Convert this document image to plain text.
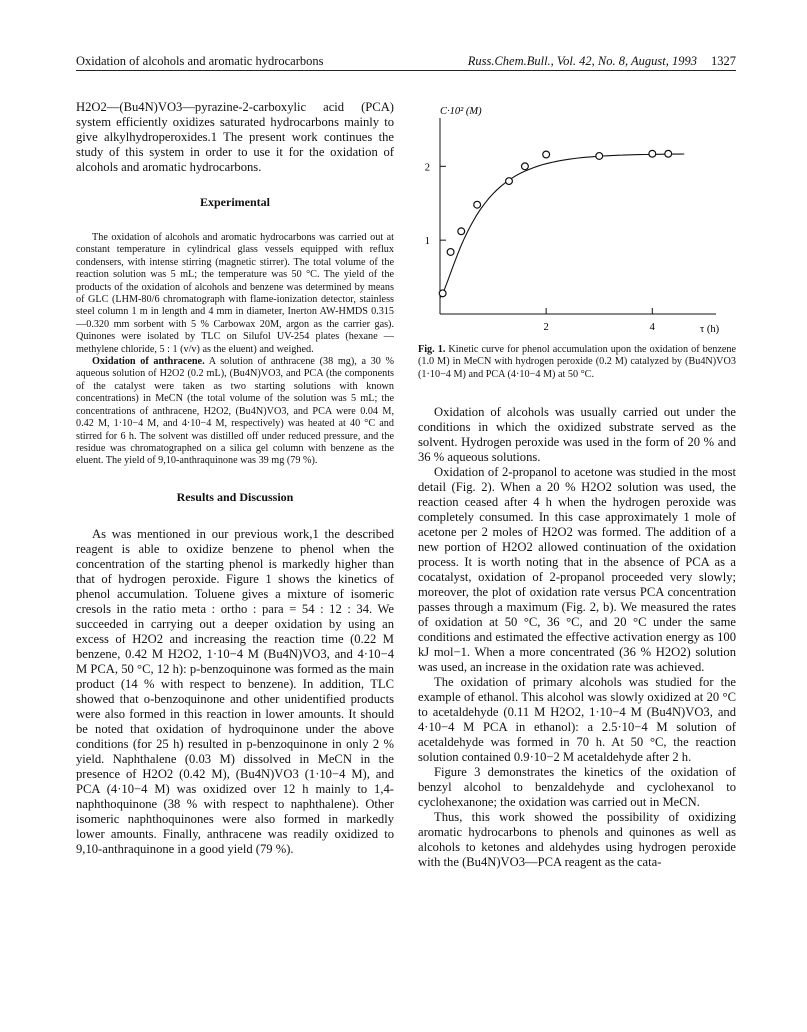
Oxidation of alcohols and aromatic hydrocarbons	Russ.Chem.Bull., Vol. 42, No. 8, August, 1993 1327

H2O2—(Bu4N)VO3—pyrazine-2-carboxylic acid (PCA) system efficiently oxidizes saturated hydrocarbons mainly to give alkylhydroperoxides.1 The present work continues the study of this system in order to use it for the oxidation of alcohols and aromatic hydrocarbons.

Experimental

The oxidation of alcohols and aromatic hydrocarbons was carried out at constant temperature in cylindrical glass vessels equipped with reflux condensers, with intense stirring (magnetic stirrer). The total volume of the reaction solution was 5 mL; the temperature was 50 °C. The yield of the products of the oxidation of alcohols and benzene was determined by means of GLC (LHM-80/6 chromatograph with flame-ionization detector, stainless steel column 1 m in length and 4 mm in diameter, Inerton AW-HMDS 0.315—0.320 mm sorbent with 5 % Carbowax 20M, argon as the carrier gas). Quinones were isolated by TLC on Silufol UV-254 plates (hexane — methylene chloride, 5 : 1 (v/v) as the eluent) and weighed.

Oxidation of anthracene. A solution of anthracene (38 mg), a 30 % aqueous solution of H2O2 (0.2 mL), (Bu4N)VO3, and PCA (the components of the catalyst were taken as two starting solutions with known concentrations) in MeCN (the total volume of the solution was 5 mL; the concentrations of anthracene, H2O2, (Bu4N)VO3, and PCA were 0.04 M, 0.42 M, 1·10−4 M, and 4·10−4 M, respectively) was heated at 40 °C and stirred for 6 h. The solvent was distilled off under reduced pressure, and the residue was chromatographed on a silica gel column with benzene as the eluent. The yield of 9,10-anthraquinone was 39 mg (79 %).

Results and Discussion

As was mentioned in our previous work,1 the described reagent is able to oxidize benzene to phenol when the concentration of the starting phenol is markedly higher than that of hydrogen peroxide. Figure 1 shows the kinetics of phenol accumulation. Toluene gives a mixture of isomeric cresols in the ratio meta : ortho : para = 54 : 12 : 34. We succeeded in carrying out a deeper oxidation by using an excess of H2O2 and increasing the reaction time (0.22 M benzene, 0.42 M H2O2, 1·10−4 M (Bu4N)VO3, and 4·10−4 M PCA, 50 °C, 12 h): p-benzoquinone was formed as the main product (14 % with respect to benzene). In addition, TLC showed that o-benzoquinone and other unidentified products were also formed in this reaction in lower amounts. It should be noted that oxidation of hydroquinone under the above conditions (for 25 h) resulted in p-benzoquinone in only 2 % yield. Naphthalene (0.03 M) dissolved in MeCN in the presence of H2O2 (0.42 M), (Bu4N)VO3 (1·10−4 M), and PCA (4·10−4 M) was oxidized over 12 h mainly to 1,4-naphthoquinone (38 % with respect to naphthalene). Other isomeric naphthoquinones were also formed in markedly lower amounts. Finally, anthracene was readily oxidized to 9,10-anthraquinone in a good yield (79 %).

C·10² (M)
τ (h)
2	4
1
2

Fig. 1. Kinetic curve for phenol accumulation upon the oxidation of benzene (1.0 M) in MeCN with hydrogen peroxide (0.2 M) catalyzed by (Bu4N)VO3 (1·10−4 M) and PCA (4·10−4 M) at 50 °C.

Oxidation of alcohols was usually carried out under the conditions in which the oxidized substrate served as the solvent. Hydrogen peroxide was used in the form of 20 % and 36 % aqueous solutions.

Oxidation of 2-propanol to acetone was studied in the most detail (Fig. 2). When a 20 % H2O2 solution was used, the reaction ceased after 4 h when the hydrogen peroxide was completely consumed. In this case approximately 1 mole of acetone per 2 moles of H2O2 was formed. The addition of a new portion of H2O2 allowed continuation of the oxidation process. It is worth noting that in the absence of PCA as a cocatalyst, oxidation of 2-propanol proceeded very slowly; moreover, the plot of oxidation rate versus PCA concentration passes through a maximum (Fig. 2, b). We measured the rates of oxidation at 50 °C, 36 °C, and 20 °C under the same conditions and estimated the effective activation energy as 100 kJ mol−1. When a more concentrated (36 % H2O2) solution was used, an increase in the oxidation rate was achieved.

The oxidation of primary alcohols was studied for the example of ethanol. This alcohol was slowly oxidized at 20 °C to acetaldehyde (0.11 M H2O2, 1·10−4 M (Bu4N)VO3, and 4·10−4 M PCA in ethanol): a 2.5·10−4 M solution of acetaldehyde was formed in 70 h. At 50 °C, the reaction solution contained 0.9·10−2 M acetaldehyde after 2 h.

Figure 3 demonstrates the kinetics of the oxidation of benzyl alcohol to benzaldehyde and cyclohexanol to cyclohexanone; the oxidation was carried out in MeCN.

Thus, this work showed the possibility of oxidizing aromatic hydrocarbons to phenols and quinones as well as alcohols to ketones and aldehydes using hydrogen peroxide with the (Bu4N)VO3—PCA reagent as the cata-
